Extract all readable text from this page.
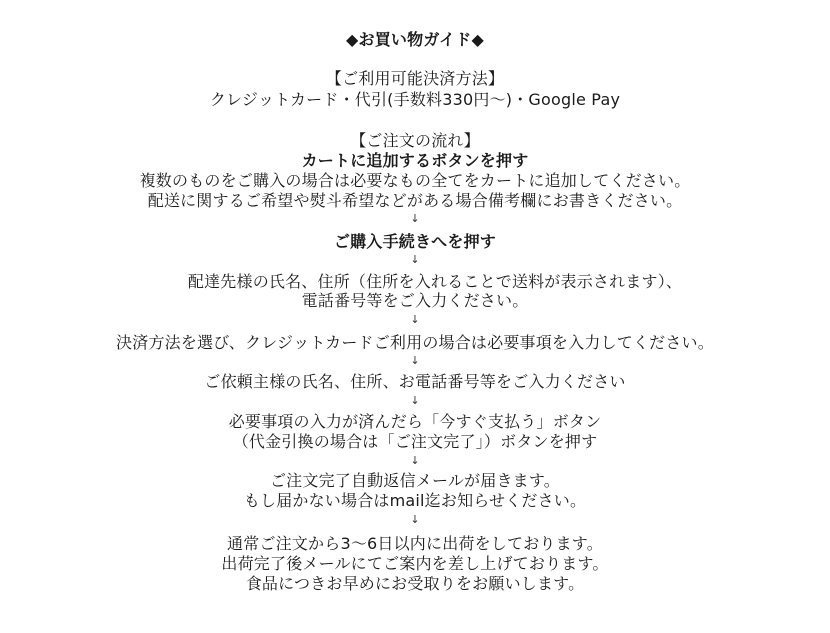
◆お買い物ガイド◆
【ご利用可能決済方法】
クレジットカード・代引(手数料330円〜)・Google Pay
【ご注文の流れ】
カートに追加するボタンを押す
複数のものをご購入の場合は必要なもの全てをカートに追加してください。
配送に関するご希望や熨斗希望などがある場合備考欄にお書きください。
↓
ご購入手続きへを押す
↓
配達先様の氏名、住所（住所を入れることで送料が表示されます）、
電話番号等をご入力ください。
↓
決済方法を選び、クレジットカードご利用の場合は必要事項を入力してください。
↓
ご依頼主様の氏名、住所、お電話番号等をご入力ください
↓
必要事項の入力が済んだら「今すぐ支払う」ボタン
（代金引換の場合は「ご注文完了」）ボタンを押す
↓
ご注文完了自動返信メールが届きます。
もし届かない場合はmail迄お知らせください。
↓
通常ご注文から3〜6日以内に出荷をしております。
出荷完了後メールにてご案内を差し上げております。
食品につきお早めにお受取りをお願いします。
